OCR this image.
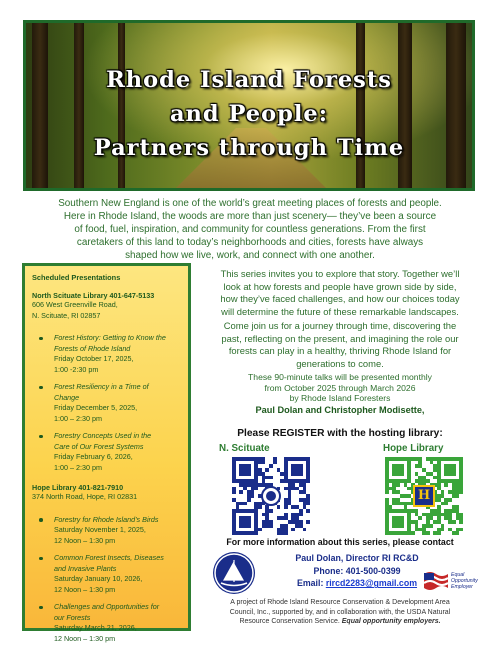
Rhode Island Forests
and People:
Partners through Time
Southern New England is one of the world’s great meeting places of forests and people.
Here in Rhode Island, the woods are more than just scenery— they’ve been a source
of food, fuel, inspiration, and community for countless generations. From the first
caretakers of this land to today’s neighborhoods and cities, forests have always
shaped how we live, work, and connect with one another.
Scheduled Presentations
North Scituate Library 401-647-5133
606 West Greenville Road,
N. Scituate, RI 02857
Forest History: Getting to Know the
Forests of Rhode Island
Friday October 17, 2025,
1:00 -2:30 pm
Forest Resiliency in a Time of
Change
Friday December 5, 2025,
1:00 – 2:30 pm
Forestry Concepts Used in the
Care of Our Forest Systems
Friday February 6, 2026,
1:00 – 2:30 pm
Hope Library 401-821-7910
374 North Road, Hope, RI 02831
Forestry for Rhode Island’s Birds
Saturday November 1, 2025,
12 Noon – 1:30 pm
Common Forest Insects, Diseases
and Invasive Plants
Saturday January 10, 2026,
12 Noon – 1:30 pm
Challenges and Opportunities for
our Forests
Saturday March 21, 2026,
12 Noon – 1:30 pm
This series invites you to explore that story. Together we’ll
look at how forests and people have grown side by side,
how they’ve faced challenges, and how our choices today
will determine the future of these remarkable landscapes.
Come join us for a journey through time, discovering the
past, reflecting on the present, and imagining the role our
forests can play in a healthy, thriving Rhode Island for
generations to come.
These 90-minute talks will be presented monthly
from October 2025 through March 2026
by Rhode Island Foresters
Paul Dolan and Christopher Modisette,
Please REGISTER with the hosting library:
N. Scituate	Hope Library
H
For more information about this series, please contact
Paul Dolan, Director RI RC&D
Phone: 401-500-0399
Email: rircd2283@gmail.com
Equal
Opportunity
Employer
A project of Rhode Island Resource Conservation & Development Area
Council, Inc., supported by, and in collaboration with, the USDA Natural
Resource Conservation Service. Equal opportunity employers.
